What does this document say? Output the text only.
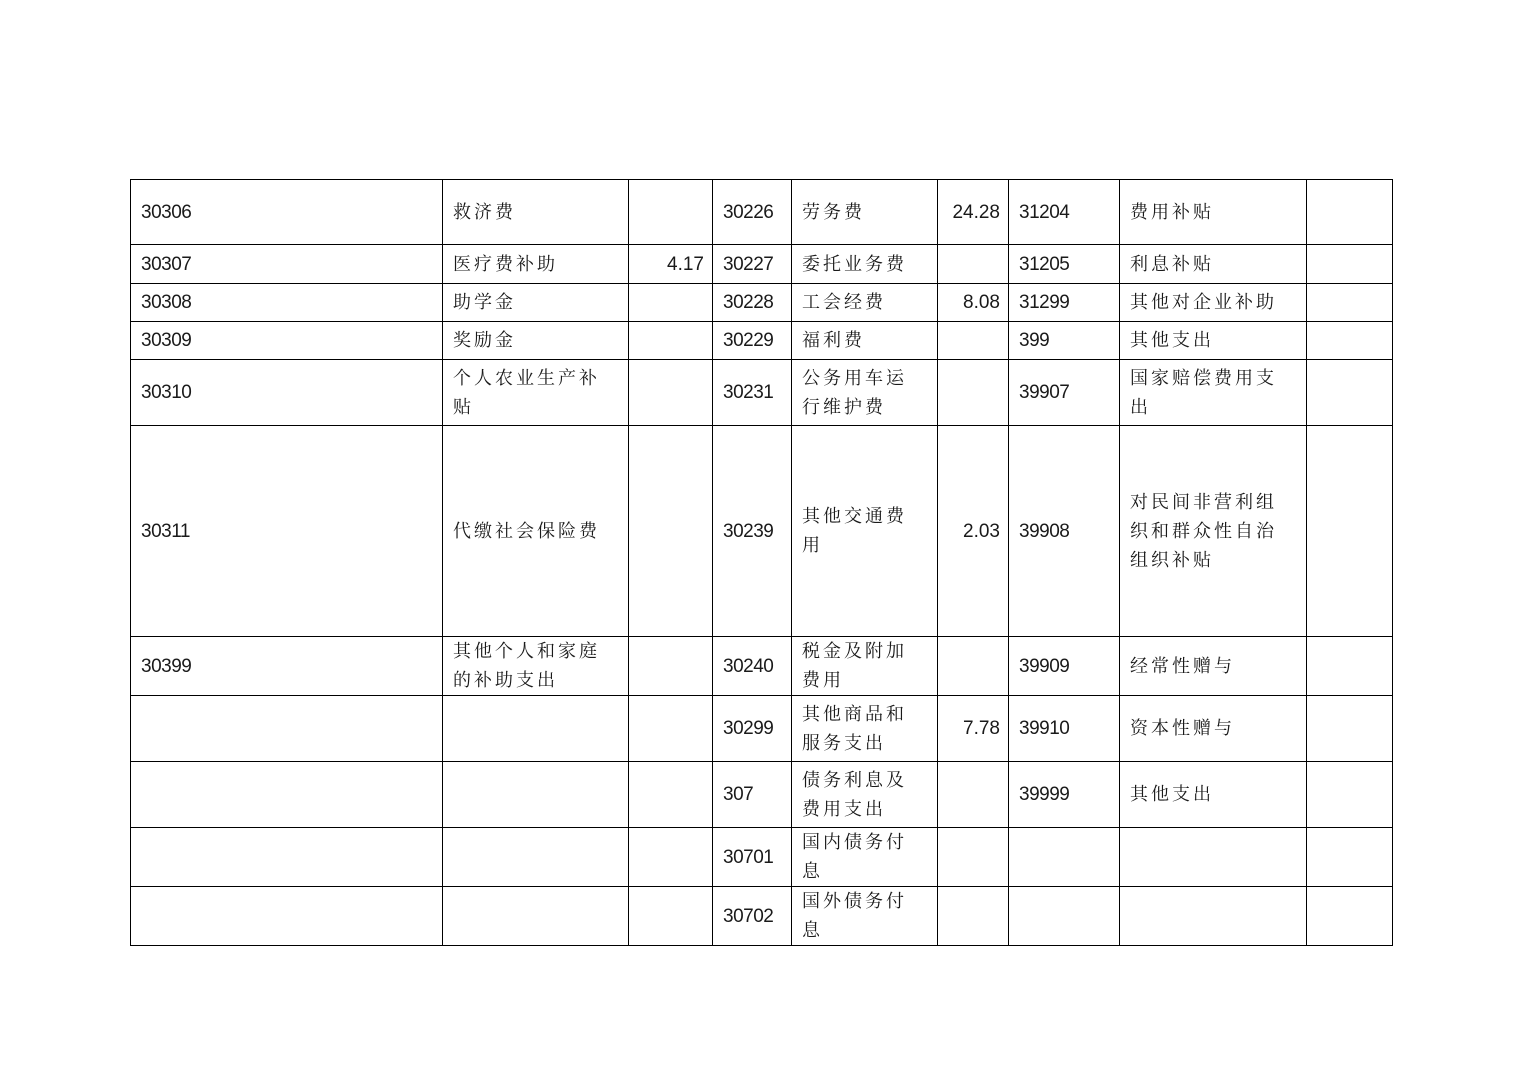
30306	救济费		30226	劳务费	24.28	31204	费用补贴	
30307	医疗费补助	4.17	30227	委托业务费		31205	利息补贴	
30308	助学金		30228	工会经费	8.08	31299	其他对企业补助	
30309	奖励金		30229	福利费		399	其他支出	
30310	个人农业生产补贴		30231	公务用车运行维护费		39907	国家赔偿费用支出	
30311	代缴社会保险费		30239	其他交通费用	2.03	39908	对民间非营利组织和群众性自治组织补贴	
30399	其他个人和家庭的补助支出		30240	税金及附加费用		39909	经常性赠与	
			30299	其他商品和服务支出	7.78	39910	资本性赠与	
			307	债务利息及费用支出		39999	其他支出	
			30701	国内债务付息				
			30702	国外债务付息				
